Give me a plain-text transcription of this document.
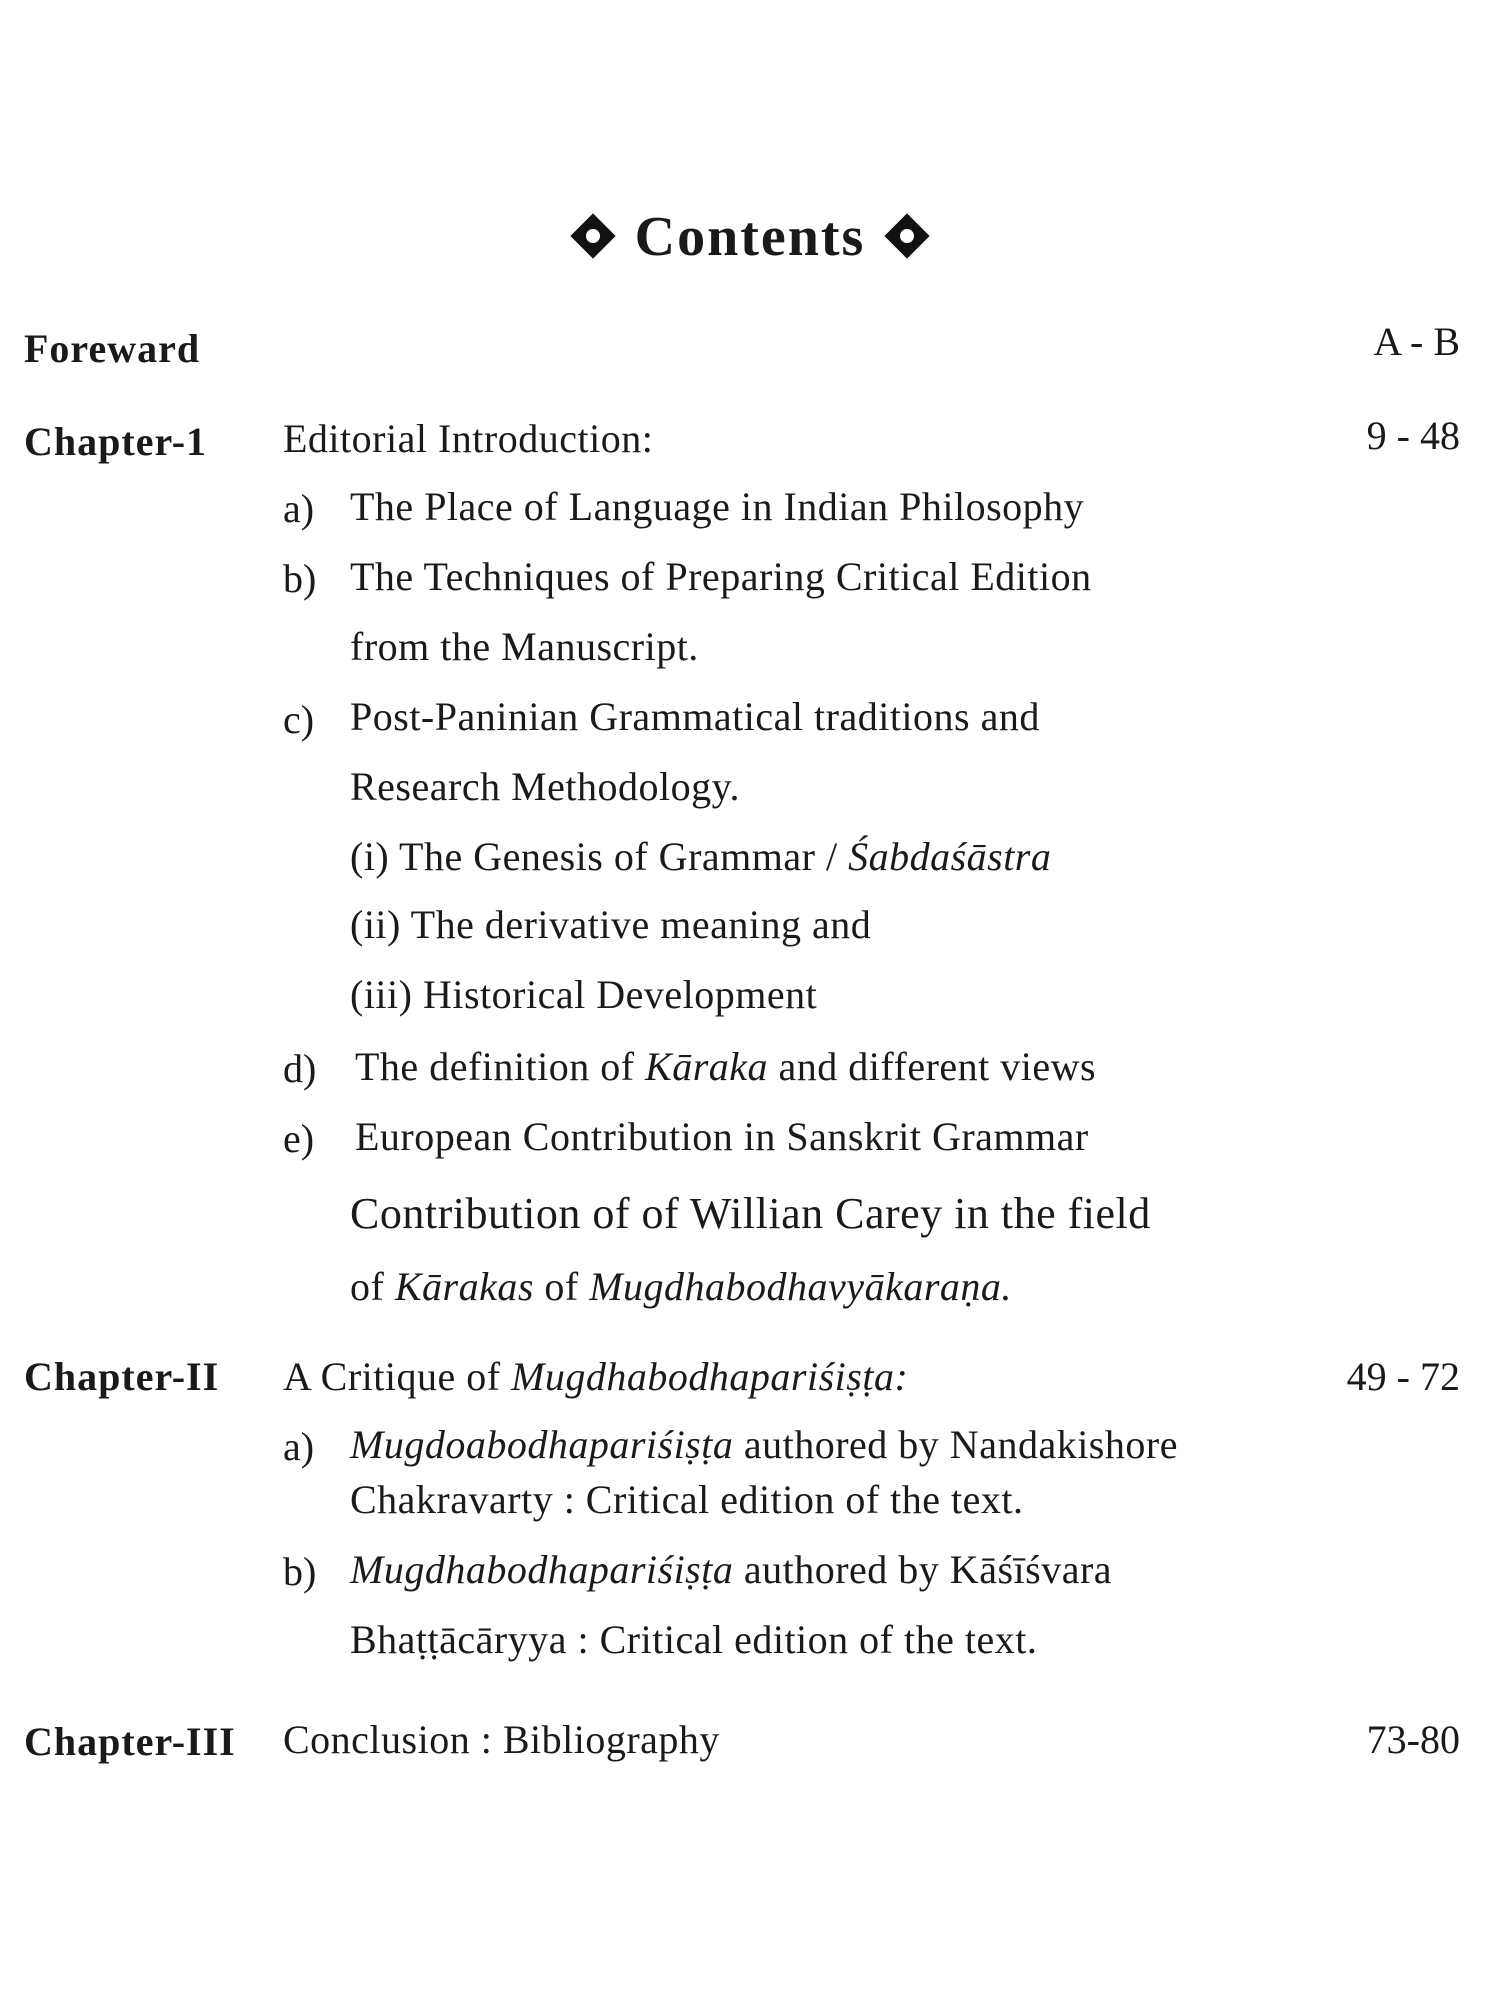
Contents
Foreward	A - B
Chapter-1 Editorial Introduction:	9 - 48
a) The Place of Language in Indian Philosophy
b) The Techniques of Preparing Critical Edition
from the Manuscript.
c) Post-Paninian Grammatical traditions and
Research Methodology.
(i) The Genesis of Grammar / Śabdaśāstra
(ii) The derivative meaning and
(iii) Historical Development
d) The definition of Kāraka and different views
e) European Contribution in Sanskrit Grammar
Contribution of of Willian Carey in the field
of Kārakas of Mugdhabodhavyākaraṇa.
Chapter-II A Critique of Mugdhabodhapariśiṣṭa:	49 - 72
a) Mugdoabodhapariśiṣṭa authored by Nandakishore
Chakravarty : Critical edition of the text.
b) Mugdhabodhapariśiṣṭa authored by Kāśīśvara
Bhaṭṭācāryya : Critical edition of the text.
Chapter-III Conclusion : Bibliography	73-80
